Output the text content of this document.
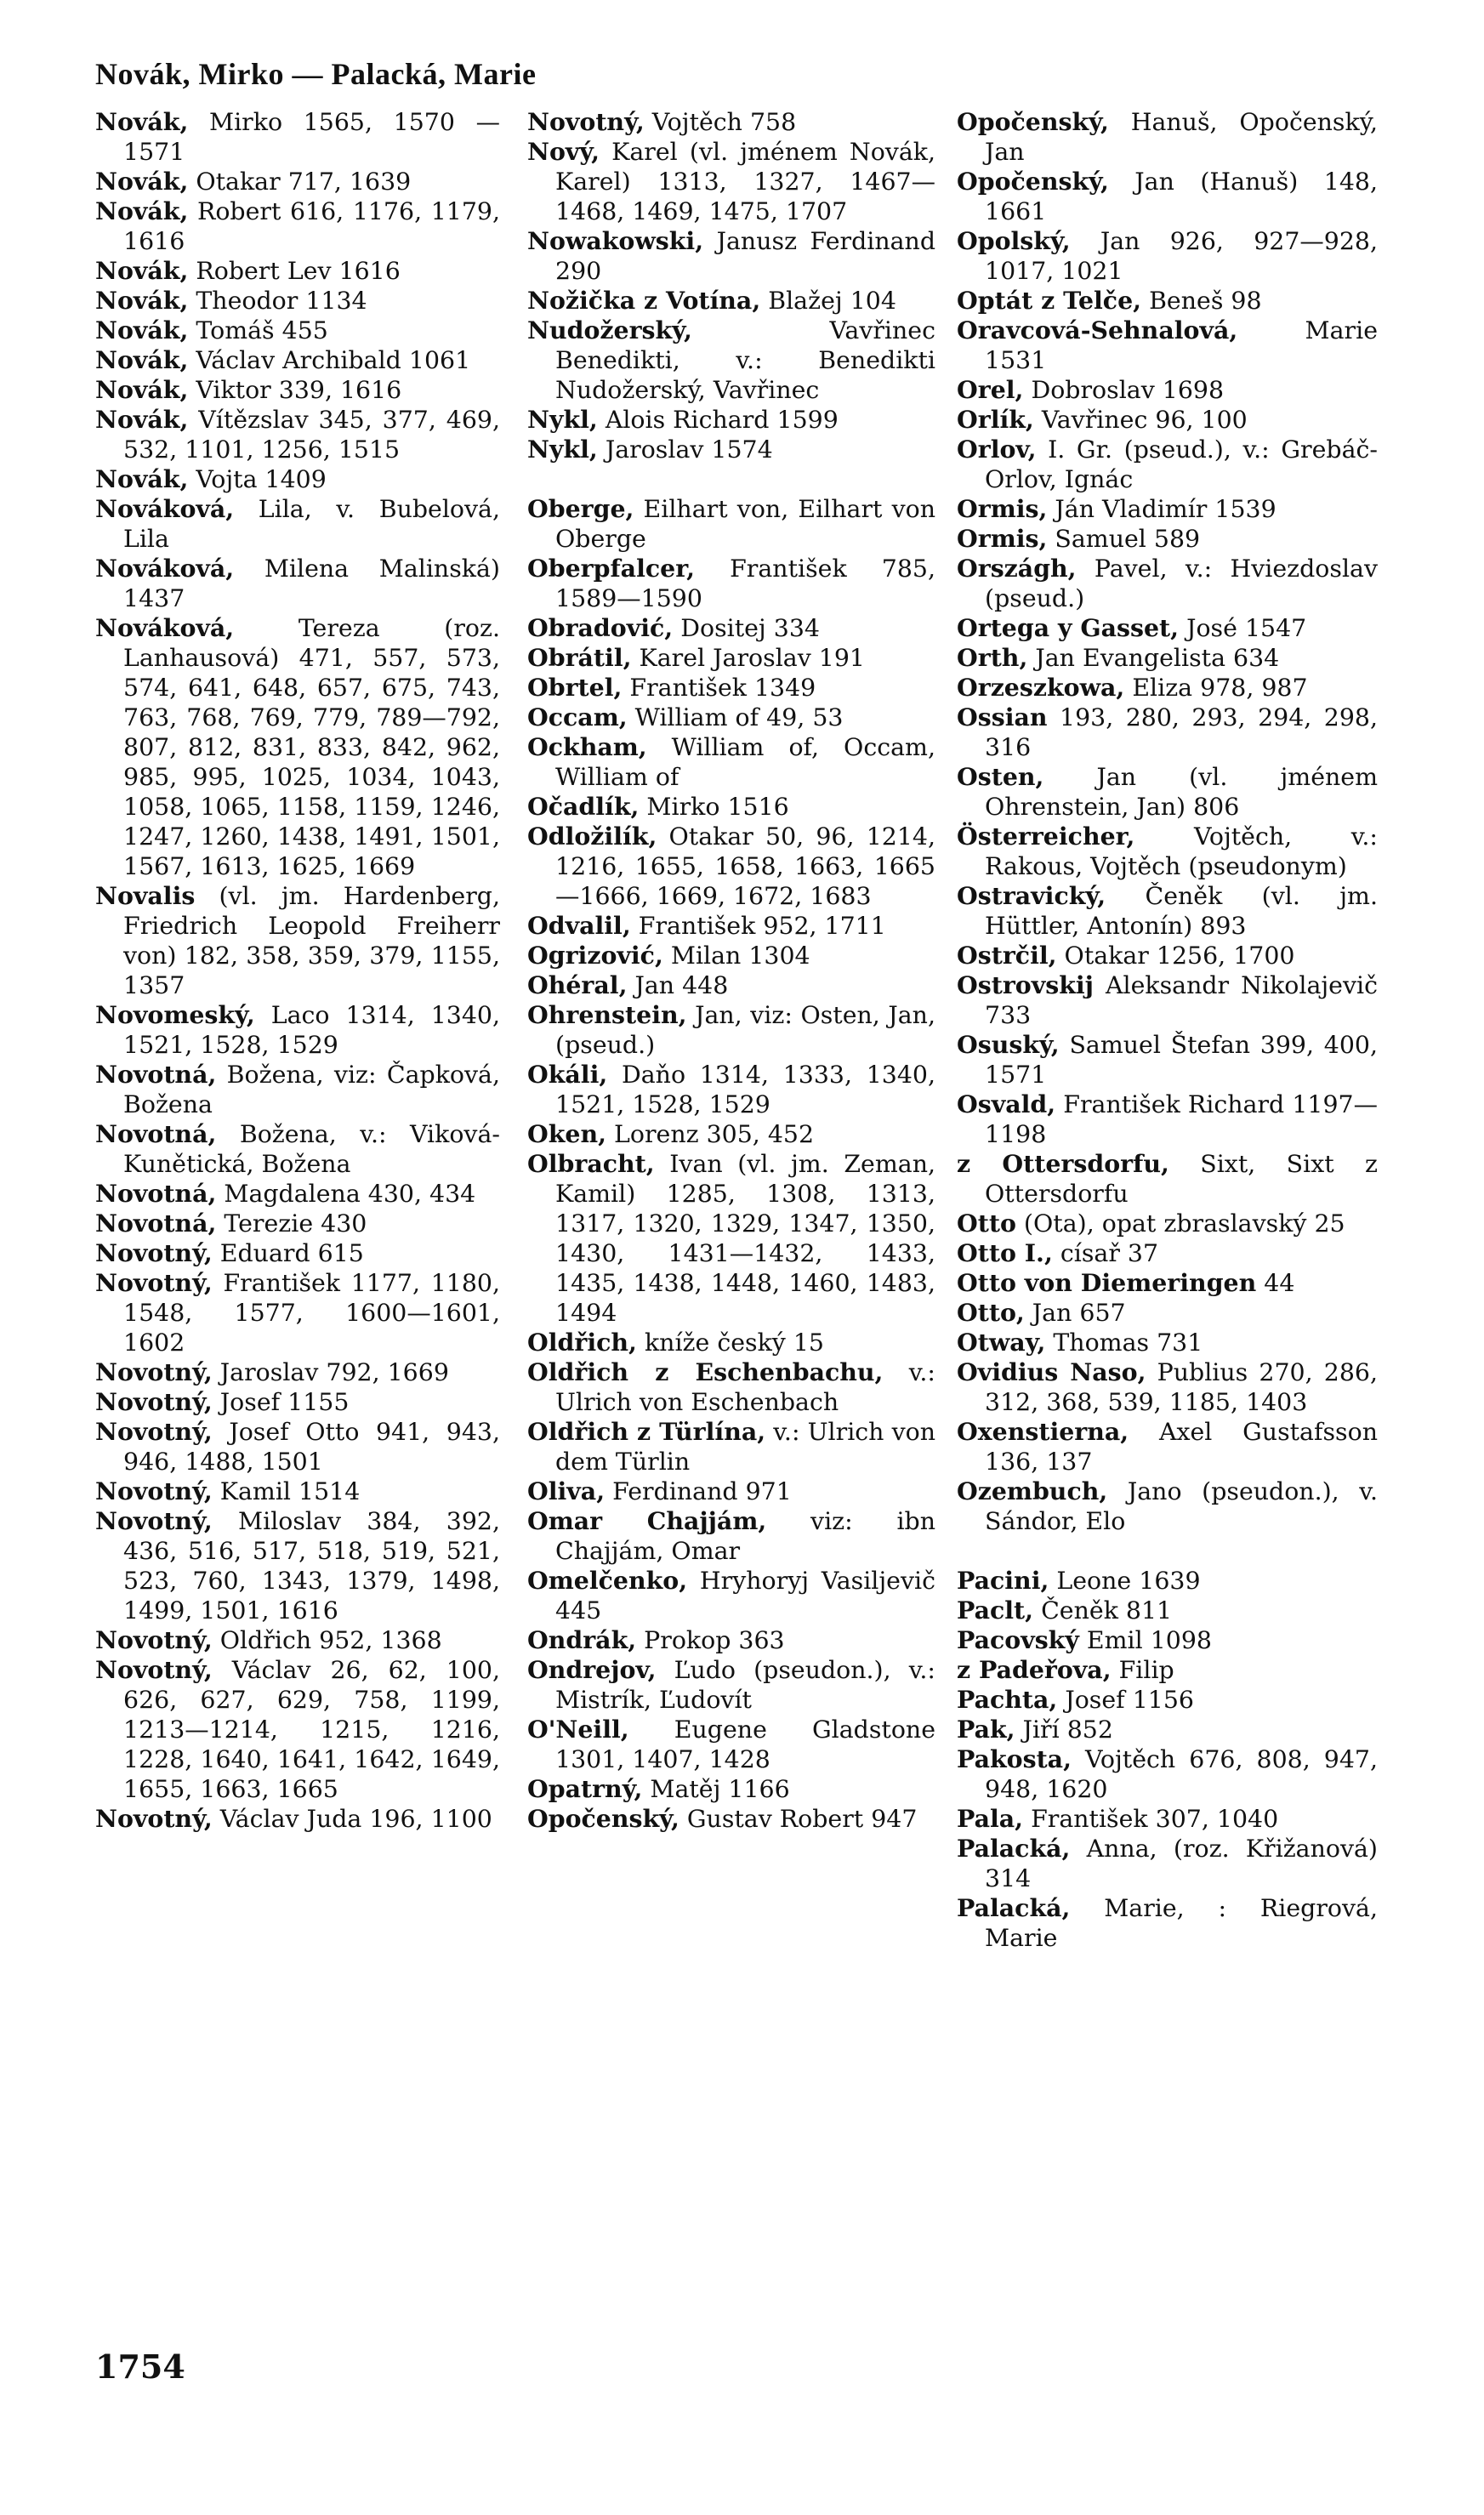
Novák, Mirko — Palacká, Marie

Novák, Mirko 1565, 1570 —1571

Novák, Otakar 717, 1639

Novák, Robert 616, 1176, 1179, 1616

Novák, Robert Lev 1616

Novák, Theodor 1134

Novák, Tomáš 455

Novák, Václav Archibald 1061

Novák, Viktor 339, 1616

Novák, Vítězslav 345, 377, 469, 532, 1101, 1256, 1515

Novák, Vojta 1409

Nováková, Lila, v. Bubelová, Lila

Nováková, Milena Malinská) 1437

Nováková, Tereza (roz. Lanhausová) 471, 557, 573, 574, 641, 648, 657, 675, 743, 763, 768, 769, 779, 789—792, 807, 812, 831, 833, 842, 962, 985, 995, 1025, 1034, 1043, 1058, 1065, 1158, 1159, 1246, 1247, 1260, 1438, 1491, 1501, 1567, 1613, 1625, 1669

Novalis (vl. jm. Hardenberg, Friedrich Leopold Freiherr von) 182, 358, 359, 379, 1155, 1357

Novomeský, Laco 1314, 1340, 1521, 1528, 1529

Novotná, Božena, viz: Čapková, Božena

Novotná, Božena, v.: Viková-Kunětická, Božena

Novotná, Magdalena 430, 434

Novotná, Terezie 430

Novotný, Eduard 615

Novotný, František 1177, 1180, 1548, 1577, 1600—1601, 1602

Novotný, Jaroslav 792, 1669

Novotný, Josef 1155

Novotný, Josef Otto 941, 943, 946, 1488, 1501

Novotný, Kamil 1514

Novotný, Miloslav 384, 392, 436, 516, 517, 518, 519, 521, 523, 760, 1343, 1379, 1498, 1499, 1501, 1616

Novotný, Oldřich 952, 1368

Novotný, Václav 26, 62, 100, 626, 627, 629, 758, 1199, 1213—1214, 1215, 1216, 1228, 1640, 1641, 1642, 1649, 1655, 1663, 1665

Novotný, Václav Juda 196, 1100

Novotný, Vojtěch 758

Nový, Karel (vl. jménem Novák, Karel) 1313, 1327, 1467—1468, 1469, 1475, 1707

Nowakowski, Janusz Ferdinand 290

Nožička z Votína, Blažej 104

Nudožerský, Vavřinec Benedikti, v.: Benedikti Nudožerský, Vavřinec

Nykl, Alois Richard 1599

Nykl, Jaroslav 1574

Oberge, Eilhart von, Eilhart von Oberge

Oberpfalcer, František 785, 1589—1590

Obradović, Dositej 334

Obrátil, Karel Jaroslav 191

Obrtel, František 1349

Occam, William of 49, 53

Ockham, William of, Occam, William of

Očadlík, Mirko 1516

Odložilík, Otakar 50, 96, 1214, 1216, 1655, 1658, 1663, 1665—1666, 1669, 1672, 1683

Odvalil, František 952, 1711

Ogrizović, Milan 1304

Ohéral, Jan 448

Ohrenstein, Jan, viz: Osten, Jan, (pseud.)

Okáli, Daňo 1314, 1333, 1340, 1521, 1528, 1529

Oken, Lorenz 305, 452

Olbracht, Ivan (vl. jm. Zeman, Kamil) 1285, 1308, 1313, 1317, 1320, 1329, 1347, 1350, 1430, 1431—1432, 1433, 1435, 1438, 1448, 1460, 1483, 1494

Oldřich, kníže český 15

Oldřich z Eschenbachu, v.: Ulrich von Eschenbach

Oldřich z Türlína, v.: Ulrich von dem Türlin

Oliva, Ferdinand 971

Omar Chajjám, viz: ibn Chajjám, Omar

Omelčenko, Hryhoryj Vasiljevič 445

Ondrák, Prokop 363

Ondrejov, Ľudo (pseudon.), v.: Mistrík, Ľudovít

O'Neill, Eugene Gladstone 1301, 1407, 1428

Opatrný, Matěj 1166

Opočenský, Gustav Robert 947

Opočenský, Hanuš, Opočenský, Jan

Opočenský, Jan (Hanuš) 148, 1661

Opolský, Jan 926, 927—928, 1017, 1021

Optát z Telče, Beneš 98

Oravcová-Sehnalová, Marie 1531

Orel, Dobroslav 1698

Orlík, Vavřinec 96, 100

Orlov, I. Gr. (pseud.), v.: Grebáč-Orlov, Ignác

Ormis, Ján Vladimír 1539

Ormis, Samuel 589

Országh, Pavel, v.: Hviezdoslav (pseud.)

Ortega y Gasset, José 1547

Orth, Jan Evangelista 634

Orzeszkowa, Eliza 978, 987

Ossian 193, 280, 293, 294, 298, 316

Osten, Jan (vl. jménem Ohrenstein, Jan) 806

Österreicher, Vojtěch, v.: Rakous, Vojtěch (pseudonym)

Ostravický, Čeněk (vl. jm. Hüttler, Antonín) 893

Ostrčil, Otakar 1256, 1700

Ostrovskij Aleksandr Nikolajevič 733

Osuský, Samuel Štefan 399, 400, 1571

Osvald, František Richard 1197—1198

z Ottersdorfu, Sixt, Sixt z Ottersdorfu

Otto (Ota), opat zbraslavský 25

Otto I., císař 37

Otto von Diemeringen 44

Otto, Jan 657

Otway, Thomas 731

Ovidius Naso, Publius 270, 286, 312, 368, 539, 1185, 1403

Oxenstierna, Axel Gustafsson 136, 137

Ozembuch, Jano (pseudon.), v. Sándor, Elo

Pacini, Leone 1639

Paclt, Čeněk 811

Pacovský Emil 1098

z Padeřova, Filip

Pachta, Josef 1156

Pak, Jiří 852

Pakosta, Vojtěch 676, 808, 947, 948, 1620

Pala, František 307, 1040

Palacká, Anna, (roz. Křižanová) 314

Palacká, Marie, : Riegrová, Marie

1754
